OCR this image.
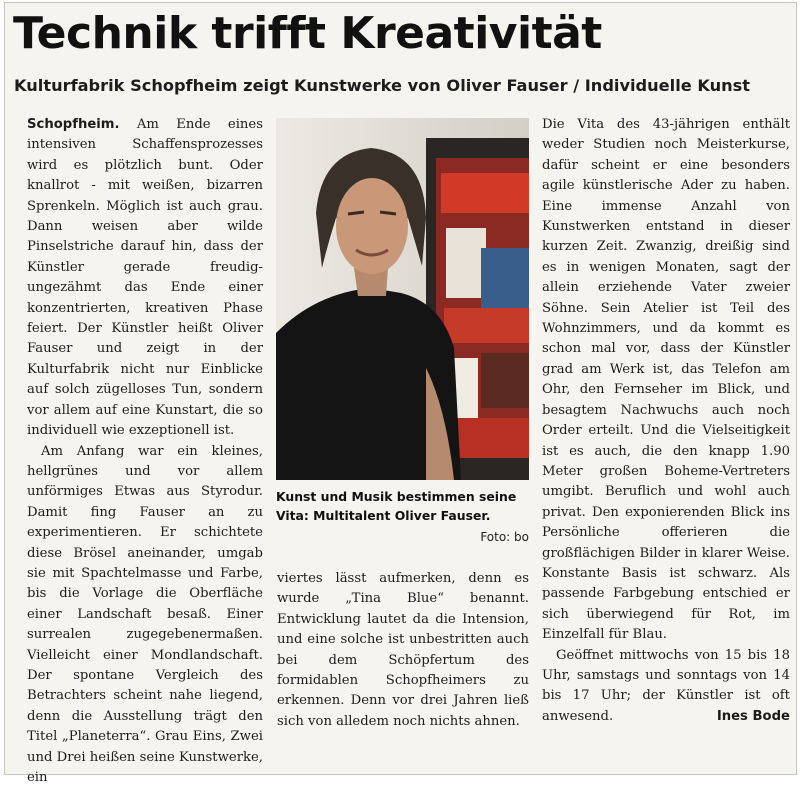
Technik trifft Kreativität
Kulturfabrik Schopfheim zeigt Kunstwerke von Oliver Fauser / Individuelle Kunst

Schopfheim. Am Ende eines intensiven Schaffensprozesses wird es plötzlich bunt. Oder knallrot - mit weißen, bizarren Sprenkeln. Möglich ist auch grau. Dann weisen aber wilde Pinselstriche darauf hin, dass der Künstler gerade freudig-ungezähmt das Ende einer konzentrierten, kreativen Phase feiert. Der Künstler heißt Oliver Fauser und zeigt in der Kulturfabrik nicht nur Einblicke auf solch zügelloses Tun, sondern vor allem auf eine Kunstart, die so individuell wie exzeptionell ist.

Am Anfang war ein kleines, hellgrünes und vor allem unförmiges Etwas aus Styrodur. Damit fing Fauser an zu experimentieren. Er schichtete diese Brösel aneinander, umgab sie mit Spachtelmasse und Farbe, bis die Vorlage die Oberfläche einer Landschaft besaß. Einer surrealen zugegebenermaßen. Vielleicht einer Mondlandschaft. Der spontane Vergleich des Betrachters scheint nahe liegend, denn die Ausstellung trägt den Titel „Planeterra“. Grau Eins, Zwei und Drei heißen seine Kunstwerke, ein

Kunst und Musik bestimmen seine Vita: Multitalent Oliver Fauser.

Foto: bo

viertes lässt aufmerken, denn es wurde „Tina Blue“ benannt. Entwicklung lautet da die Intension, und eine solche ist unbestritten auch bei dem Schöpfertum des formidablen Schopfheimers zu erkennen. Denn vor drei Jahren ließ sich von alledem noch nichts ahnen.

Die Vita des 43-jährigen enthält weder Studien noch Meisterkurse, dafür scheint er eine besonders agile künstlerische Ader zu haben. Eine immense Anzahl von Kunstwerken entstand in dieser kurzen Zeit. Zwanzig, dreißig sind es in wenigen Monaten, sagt der allein erziehende Vater zweier Söhne. Sein Atelier ist Teil des Wohnzimmers, und da kommt es schon mal vor, dass der Künstler grad am Werk ist, das Telefon am Ohr, den Fernseher im Blick, und besagtem Nachwuchs auch noch Order erteilt. Und die Vielseitigkeit ist es auch, die den knapp 1.90 Meter großen Boheme-Vertreters umgibt. Beruflich und wohl auch privat. Den exponierenden Blick ins Persönliche offerieren die großflächigen Bilder in klarer Weise. Konstante Basis ist schwarz. Als passende Farbgebung entschied er sich überwiegend für Rot, im Einzelfall für Blau.

Geöffnet mittwochs von 15 bis 18 Uhr, samstags und sonntags von 14 bis 17 Uhr; der Künstler ist oft anwesend.	Ines Bode
